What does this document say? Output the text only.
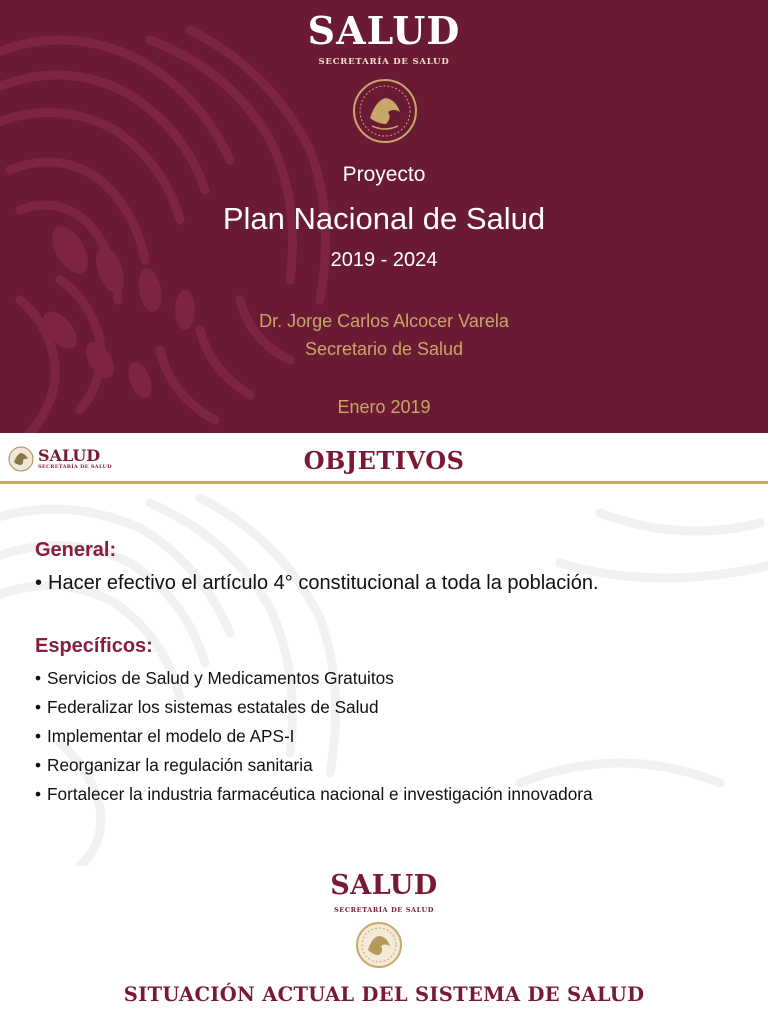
SALUD
SECRETARÍA DE SALUD
Proyecto
Plan Nacional de Salud
2019 - 2024
Dr. Jorge Carlos Alcocer Varela
Secretario de Salud
Enero 2019
SALUD
SECRETARÍA DE SALUD	OBJETIVOS
General:
• Hacer efectivo el artículo 4° constitucional a toda la población.
Específicos:
• Servicios de Salud y Medicamentos Gratuitos
• Federalizar los sistemas estatales de Salud
• Implementar el modelo de APS-I
• Reorganizar la regulación sanitaria
• Fortalecer la industria farmacéutica nacional e investigación innovadora
SALUD
SECRETARÍA DE SALUD
SITUACIÓN ACTUAL DEL SISTEMA DE SALUD
